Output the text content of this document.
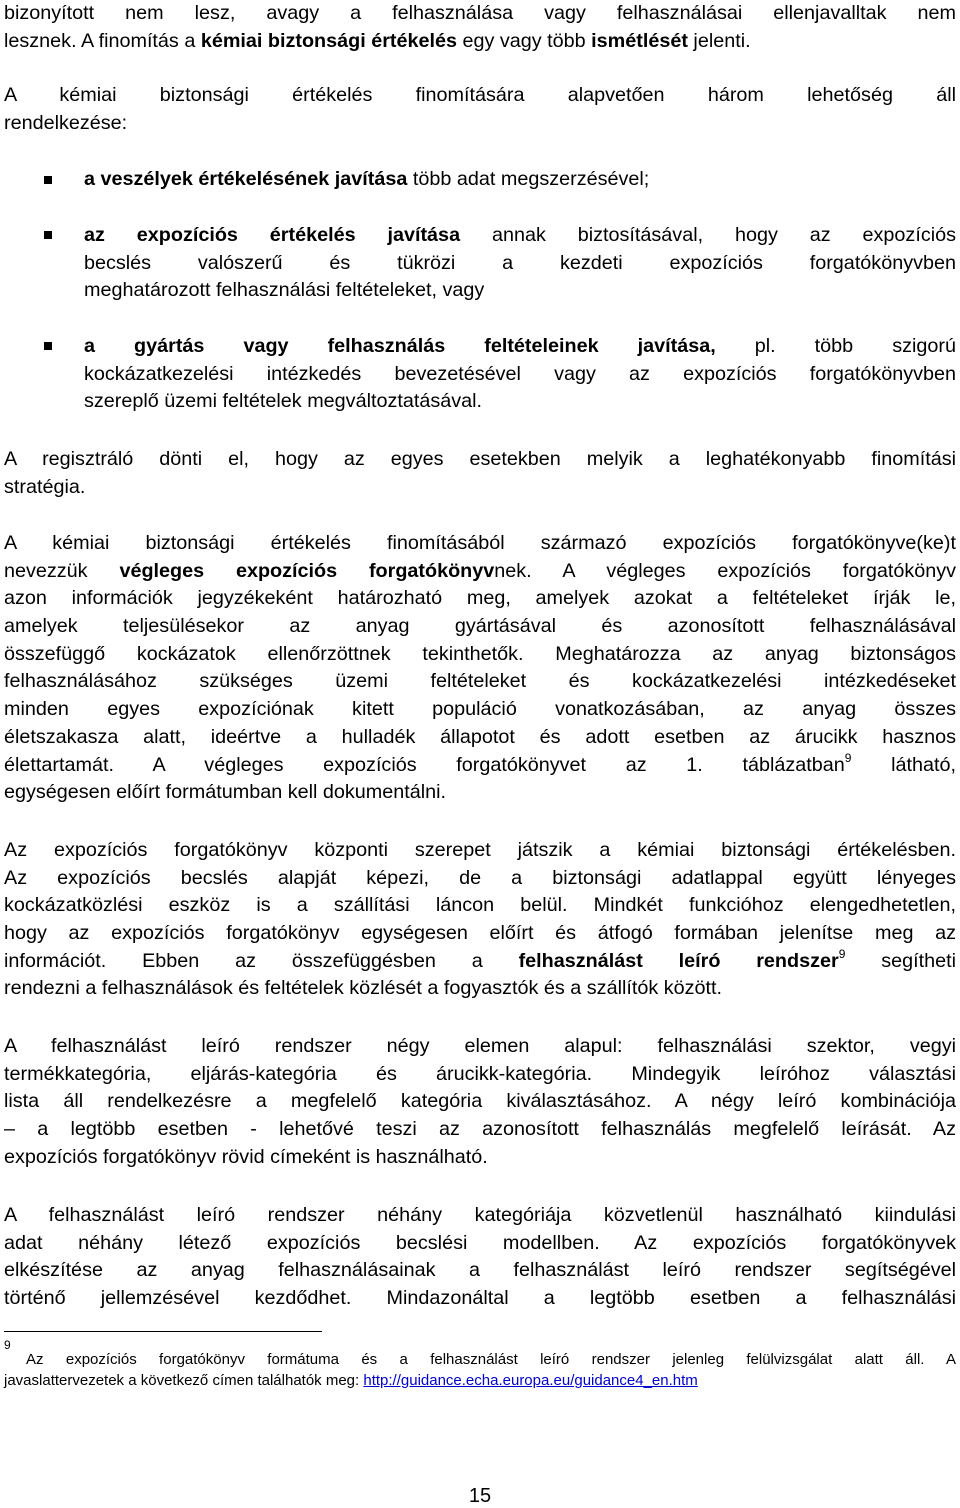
bizonyított nem lesz, avagy a felhasználása vagy felhasználásai ellenjavalltak nem
lesznek. A finomítás a kémiai biztonsági értékelés egy vagy több ismétlését jelenti.
A kémiai biztonsági értékelés finomítására alapvetően három lehetőség áll
rendelkezése:
a veszélyek értékelésének javítása több adat megszerzésével;
az expozíciós értékelés javítása annak biztosításával, hogy az expozíciós
becslés valószerű és tükrözi a kezdeti expozíciós forgatókönyvben
meghatározott felhasználási feltételeket, vagy
a gyártás vagy felhasználás feltételeinek javítása, pl. több szigorú
kockázatkezelési intézkedés bevezetésével vagy az expozíciós forgatókönyvben
szereplő üzemi feltételek megváltoztatásával.
A regisztráló dönti el, hogy az egyes esetekben melyik a leghatékonyabb finomítási
stratégia.
A kémiai biztonsági értékelés finomításából származó expozíciós forgatókönyve(ke)t
nevezzük végleges expozíciós forgatókönyvnek. A végleges expozíciós forgatókönyv
azon információk jegyzékeként határozható meg, amelyek azokat a feltételeket írják le,
amelyek teljesülésekor az anyag gyártásával és azonosított felhasználásával
összefüggő kockázatok ellenőrzöttnek tekinthetők. Meghatározza az anyag biztonságos
felhasználásához szükséges üzemi feltételeket és kockázatkezelési intézkedéseket
minden egyes expozíciónak kitett populáció vonatkozásában, az anyag összes
életszakasza alatt, ideértve a hulladék állapotot és adott esetben az árucikk hasznos
élettartamát. A végleges expozíciós forgatókönyvet az 1. táblázatban$^9$ látható,
egységesen előírt formátumban kell dokumentálni.
Az expozíciós forgatókönyv központi szerepet játszik a kémiai biztonsági értékelésben.
Az expozíciós becslés alapját képezi, de a biztonsági adatlappal együtt lényeges
kockázatközlési eszköz is a szállítási láncon belül. Mindkét funkcióhoz elengedhetetlen,
hogy az expozíciós forgatókönyv egységesen előírt és átfogó formában jelenítse meg az
információt. Ebben az összefüggésben a felhasználást leíró rendszer$^9$ segítheti
rendezni a felhasználások és feltételek közlését a fogyasztók és a szállítók között.
A felhasználást leíró rendszer négy elemen alapul: felhasználási szektor, vegyi
termékkategória, eljárás-kategória és árucikk-kategória. Mindegyik leíróhoz választási
lista áll rendelkezésre a megfelelő kategória kiválasztásához. A négy leíró kombinációja
– a legtöbb esetben - lehetővé teszi az azonosított felhasználás megfelelő leírását. Az
expozíciós forgatókönyv rövid címeként is használható.
A felhasználást leíró rendszer néhány kategóriája közvetlenül használható kiindulási
adat néhány létező expozíciós becslési modellben. Az expozíciós forgatókönyvek
elkészítése az anyag felhasználásainak a felhasználást leíró rendszer segítségével
történő jellemzésével kezdődhet. Mindazonáltal a legtöbb esetben a felhasználási
9
Az expozíciós forgatókönyv formátuma és a felhasználást leíró rendszer jelenleg felülvizsgálat alatt áll. A
javaslattervezetek a következő címen találhatók meg: http://guidance.echa.europa.eu/guidance4_en.htm
15
